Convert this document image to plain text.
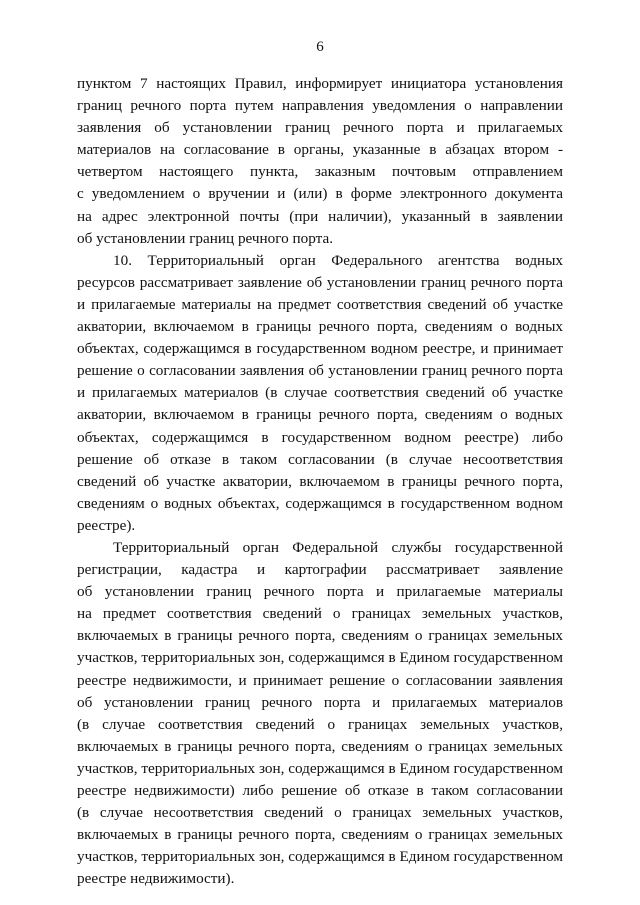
6
пунктом 7 настоящих Правил, информирует инициатора установления
границ речного порта путем направления уведомления о направлении
заявления об установлении границ речного порта и прилагаемых
материалов на согласование в органы, указанные в абзацах втором -
четвертом настоящего пункта, заказным почтовым отправлением
с уведомлением о вручении и (или) в форме электронного документа
на адрес электронной почты (при наличии), указанный в заявлении
об установлении границ речного порта.
10. Территориальный орган Федерального агентства водных
ресурсов рассматривает заявление об установлении границ речного порта
и прилагаемые материалы на предмет соответствия сведений об участке
акватории, включаемом в границы речного порта, сведениям о водных
объектах, содержащимся в государственном водном реестре, и принимает
решение о согласовании заявления об установлении границ речного порта
и прилагаемых материалов (в случае соответствия сведений об участке
акватории, включаемом в границы речного порта, сведениям о водных
объектах, содержащимся в государственном водном реестре) либо
решение об отказе в таком согласовании (в случае несоответствия
сведений об участке акватории, включаемом в границы речного порта,
сведениям о водных объектах, содержащимся в государственном водном
реестре).
Территориальный орган Федеральной службы государственной
регистрации, кадастра и картографии рассматривает заявление
об установлении границ речного порта и прилагаемые материалы
на предмет соответствия сведений о границах земельных участков,
включаемых в границы речного порта, сведениям о границах земельных
участков, территориальных зон, содержащимся в Едином государственном
реестре недвижимости, и принимает решение о согласовании заявления
об установлении границ речного порта и прилагаемых материалов
(в случае соответствия сведений о границах земельных участков,
включаемых в границы речного порта, сведениям о границах земельных
участков, территориальных зон, содержащимся в Едином государственном
реестре недвижимости) либо решение об отказе в таком согласовании
(в случае несоответствия сведений о границах земельных участков,
включаемых в границы речного порта, сведениям о границах земельных
участков, территориальных зон, содержащимся в Едином государственном
реестре недвижимости).
